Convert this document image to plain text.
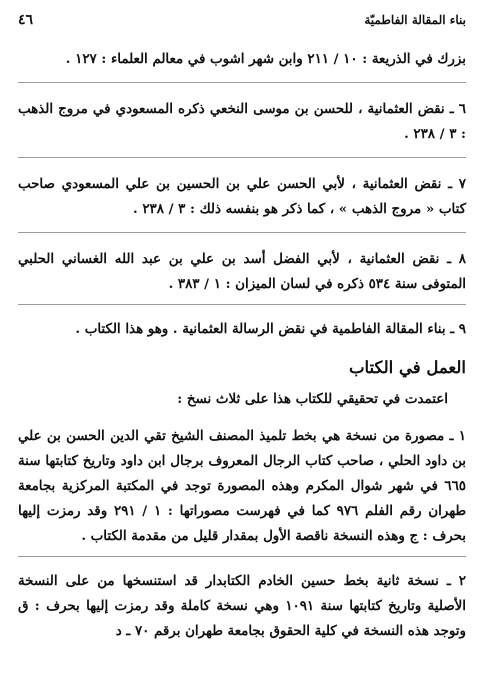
بناء المقالة الفاطميّة
٤٦

بزرك في الذريعة : ١٠ / ٢١١ وابن شهر اشوب في معالم العلماء : ١٢٧ .

٦ ـ نقض العثمانية ، للحسن بن موسى النخعي ذكره المسعودي في مروج الذهب : ٣ / ٢٣٨ .

٧ ـ نقض العثمانية ، لأبي الحسن علي بن الحسين بن علي المسعودي صاحب كتاب « مروج الذهب » ، كما ذكر هو بنفسه ذلك : ٣ / ٢٣٨ .

٨ ـ نقض العثمانية ، لأبي الفضل أسد بن علي بن عبد الله الغساني الحلبي المتوفى سنة ٥٣٤ ذكره في لسان الميزان : ١ / ٣٨٣ .

٩ ـ بناء المقالة الفاطمية في نقض الرسالة العثمانية . وهو هذا الكتاب .

العمل في الكتاب

اعتمدت في تحقيقي للكتاب هذا على ثلاث نسخ :

١ ـ مصورة من نسخة هي بخط تلميذ المصنف الشيخ تقي الدين الحسن بن علي بن داود الحلي ، صاحب كتاب الرجال المعروف برجال ابن داود وتاريخ كتابتها سنة ٦٦٥ في شهر شوال المكرم وهذه المصورة توجد في المكتبة المركزية بجامعة طهران رقم الفلم ٩٧٦ كما في فهرست مصوراتها : ١ / ٢٩١ وقد رمزت إليها بحرف : ج وهذه النسخة ناقصة الأول بمقدار قليل من مقدمة الكتاب .

٢ ـ نسخة ثانية بخط حسين الخادم الكتابدار قد استنسخها من على النسخة الأصلية وتاريخ كتابتها سنة ١٠٩١ وهي نسخة كاملة وقد رمزت إليها بحرف : ق وتوجد هذه النسخة في كلية الحقوق بجامعة طهران برقم ٧٠ ـ د
